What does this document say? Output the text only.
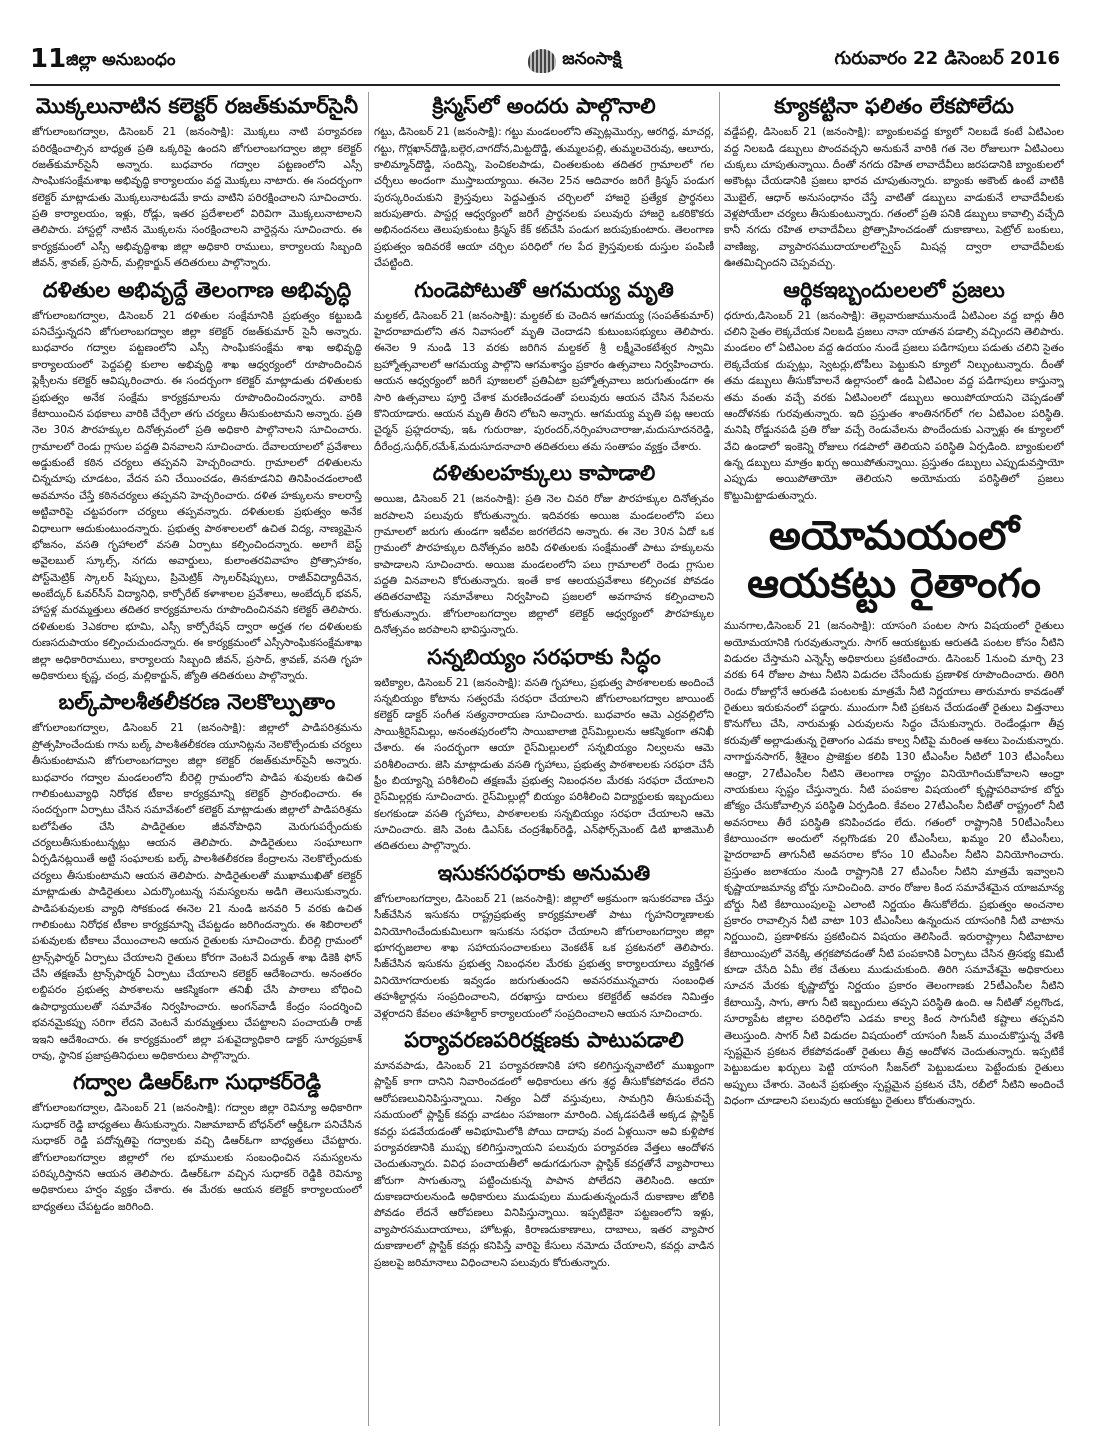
11 జిల్లా అనుబంధం	జనంసాక్షి	గురువారం 22 డిసెంబర్ 2016
మొక్కలునాటిన కలెక్టర్ రజత్‌కుమార్‌సైనీ

జోగులాంబగద్వాల, డిసెంబర్ 21 (జనంసాక్షి): మొక్కలు నాటి పర్యావరణ పరిరక్షించాల్సిన బాధ్యత ప్రతి ఒక్కరిపై ఉందని జోగులాంబగద్వాల జిల్లా కలెక్టర్ రజత్‌కుమార్‌సైనీ అన్నారు. బుధవారం గద్వాల పట్టణంలోని ఎస్సీ సాంఘికసంక్షేమశాఖ అభివృద్ధి కార్యాలయం వద్ద మొక్కలు నాటారు. ఈ సందర్బంగా కలెక్టర్ మాట్లాడుతు మొక్కలునాటడమే కాదు వాటిని పరిరక్షించాలని సూచించారు. ప్రతి కార్యాలయం, ఇళ్లు, రోడ్లు, ఇతర ప్రదేశాలలో విరివిగా మొక్కలునాటాలని తెలిపారు. హాస్టల్లో నాటిన మొక్కలను సంరక్షించాలని వార్డెన్లను సూచించారు. ఈ కార్యక్రమంలో ఎస్సీ అభివృద్ధిశాఖ జిల్లా అధికారి రాములు, కార్యాలయ సిబ్బంది జీవన్, శ్రావణ్, ప్రసాద్, మల్లికార్జున్ తదితరులు పాల్గొన్నారు.

దళితుల అభివృద్దే తెలంగాణ అభివృద్ధి

జోగులాంబగద్వాల, డిసెంబర్ 21 దళితుల సంక్షేమానికి ప్రభుత్వం కట్టుబడి పనిచేస్తున్నదని జోగులాంబగద్వాల జిల్లా కలెక్టర్ రజత్‌కుమార్ సైనీ అన్నారు. బుధవారం గద్వాల పట్టణంలోని ఎస్సీ సాంఘికసంక్షేమ శాఖ అభివృద్ధి కార్యాలయంలో పెద్దపల్లి కులాల అభివృద్ధి శాఖ ఆధ్వర్యంలో రూపొందించిన ఫ్లెక్సీలను కలెక్టర్ ఆవిష్కరించారు. ఈ సందర్బంగా కలెక్టర్ మాట్లాడుతు దళితులకు ప్రభుత్వం అనేక సంక్షేమ కార్యక్రమాలను రూపొందించిందన్నారు. వారికి కేటాయించిన పథకాలు వారికి చేర్చేలా తగు చర్యలు తీసుకుంటామని అన్నారు. ప్రతి నెల 30న పౌరహక్కుల దినోత్సవంలో ప్రతి అధికారి పాల్గొనాలని సూచించారు. గ్రామాలలో రెండు గ్లాసుల పద్దతి వినవాలని సూచించారు. దేవాలయాలలో ప్రవేశాలు అడ్డుకుంటే కఠిన చర్యలు తప్పవని హెచ్చరించారు. గ్రామాలలో దళితులను చిన్నచూపు చూడటం, వేదన పని చేయించడం, తినకూడనివి తినిపించడంలాంటి అవమానం చేస్తే కఠినచర్యలు తప్పవని హెచ్చరించారు. దళిత హక్కులను కాలరాస్తే అట్టివారిపై చట్టపరంగా చర్యలు తప్పవన్నారు. దళితులకు ప్రభుత్వం అనేక విధాలుగా ఆదుకుంటుందన్నారు. ప్రభుత్వ పాఠశాలలలో ఉచిత విద్య, నాణ్యమైన భోజనం, వసతి గృహాలలో వసతి ఏర్పాటు కల్పించిందన్నారు. అలాగే బెస్ట్ అవైలబుల్ స్కూల్స్, నగదు అవార్డులు, కులాంతరవివాహం ప్రోత్సాహకం, పోస్ట్‌మెట్రిక్ స్కాలర్ షిప్పులు, ప్రిమెట్రిక్ స్కాలర్‌షిప్పులు, రాజీవ్‌విద్యాదీవెన, అంబేద్కర్ ఓవర్‌సీస్ విద్యానిధి, కార్పోరేట్ కళాశాలల ప్రవేశాలు, అంబేద్కర్ భవన్, హాస్టళ్ల మరమ్మత్తులు తదితర కార్యక్రమాలను రూపొందించినవని కలెక్టర్ తెలిపారు. దళితులకు 3ఎకరాల భూమి, ఎస్సీ కార్పోరేషన్ ద్వారా అర్హత గల దళితులకు రుణసదుపాయం కల్పించుచుందన్నారు. ఈ కార్యక్రమంలో ఎస్సీసాంఘికసంక్షేమశాఖ జిల్లా అధికారిరాములు, కార్యాలయ సిబ్బంది జీవన్, ప్రసాద్, శ్రావణ్, వసతి గృహ అధికారులు కృష్ణ, చంద్ర, మల్లికార్జున్, జ్యోతి తదితరులు పాల్గొన్నారు.

బల్క్‌పాలశీతలీకరణ నెలకొల్పుతాం

జోగులాంబగద్వాల, డిసెంబర్ 21 (జనంసాక్షి): జిల్లాలో పాడిపరిశ్రమను ప్రోత్సహించేందుకు గాను బల్క్ పాలశీతలీకరణ యూనిట్లను నెలకొల్పేందుకు చర్యలు తీసుకుంటామని జోగులాంబగద్వాల జిల్లా కలెక్టర్ రజత్‌కుమార్‌సైనీ అన్నారు. బుధవారం గద్వాల మండలంలోని బీరెల్లి గ్రామంలోని పాడిప శువులకు ఉచిత గాలికుంటువ్యాధి నిరోధక టీకాల కార్యక్రమాన్ని కలెక్టర్ ప్రారంభించారు. ఈ సందర్బంగా ఏర్పాటు చేసిన సమావేశంలో కలెక్టర్ మాట్లాడుతు జిల్లాలో పాడిపరిశ్రమ బలోపేతం చేసి పాడిరైతుల జీవనోపాధిని మెరుగుపర్చేందుకు చర్యలుతీసుకుంటున్నట్లు ఆయన తెలిపారు. పాడిరైతులు సంఘాలుగా ఏర్పడినట్లయితే అట్టి సంఘాలకు బల్క్ పాలశీతలీకరణ కేంద్రాలను నెలకొల్పేందుకు చర్యలు తీసుకుంటామని ఆయన తెలిపారు. పాడిరైతులతో ముఖాముఖితో కలెక్టర్ మాట్లాడుతు పాడిరైతులు ఎదుర్కొంటున్న సమస్యలను అడిగి తెలుసుకున్నారు. పాడిపశువులకు వ్యాధి సోకకుండ ఈనెల 21 నుండి జనవరి 5 వరకు ఉచిత గాలికుంటు నిరోధక టీకాల కార్యక్రమాన్ని చేపట్టడం జరిగిందన్నారు. ఈ శిబిరాలలో పశువులకు టీకాలు వేయించాలని ఆయన రైతులకు సూచించారు. బీరెల్లి గ్రామంలో ట్రాన్స్‌ఫార్మర్ ఏర్పాటు చేయాలని రైతులు కోరగా వెంటనే విద్యుత్ శాఖ డికెకి ఫోన్ చేసి తక్షణమే ట్రాన్స్‌ఫార్మర్ ఏర్పాటు చేయాలని కలెక్టర్ ఆదేశించారు. అనంతరం లబ్దిపరం ప్రభుత్వ పాఠశాలను ఆకస్మికంగా తనిఖీ చేసి పాఠాలు బోధించి ఉపాధ్యాయులతో సమావేశం నిర్వహించారు. అంగన్‌వాడీ కేంద్రం సందర్శించి భవనమైకప్పు సరిగా లేదని వెంటనే మరమ్మత్తులు చేపట్టాలని పంచాయతీ రాజ్ ఇఇని ఆదేశించారు. ఈ కార్యక్రమంలో జిల్లా పశువైద్యాధికారి డాక్టర్ సూర్యప్రకాశ్ రావు, స్థానిక ప్రజాప్రతినిధులు అధికారులు పాల్గొన్నారు.

గద్వాల డిఆర్ఓగా సుధాకర్‌రెడ్డి

జోగులాంబగద్వాల, డిసెంబర్ 21 (జనంసాక్షి): గద్వాల జిల్లా రెవిన్యూ అధికారిగా సుధాకర్ రెడ్డి బాధ్యతలు తీసుకున్నారు. నిజామాబాద్ బోధన్‌లో ఆర్డీఓగా పనిచేసిన సుధాకర్ రెడ్డి పదోన్నతిపై గద్వాలకు వచ్చి డిఆర్ఓగా బాధ్యతలు చేపట్టారు. జోగులాంబగద్వాల జిల్లాలో గల భూములకు సంబంధించిన సమస్యలను పరిష్కరిస్తానని ఆయన తెలిపారు. డిఆర్ఓగా వచ్చిన సుధాకర్ రెడ్డికి రెవిన్యూ అధికారులు హర్షం వ్యక్తం చేశారు. ఈ మేరకు ఆయన కలెక్టర్ కార్యాలయంలో బాధ్యతలు చేపట్టడం జరిగింది.

క్రిస్మస్‌లో అందరు పాల్గొనాలి

గట్టు, డిసెంబర్ 21 (జనంసాక్షి): గట్టు మండలంలోని తప్పెట్లమొర్సు, ఆరగిద్ద, మాచర్ల, గట్టు, గొర్లఖాన్‌దొడ్డి,బల్గెర,చాగదోన,మిట్టదొడ్డి, తుమ్మలపల్లి, తుమ్మలచెరువు, ఆలూరు, కాలిమ్మాన్‌దొడ్డి, సందిన్ని, పెంచికలపాడు, చింతలకుంట తదితర గ్రామాలలో గల చర్చీలు అందంగా ముస్తాబయ్యాయి. ఈనెల 25న ఆదివారం జరిగే క్రిస్మస్ పండుగ పురస్కరించుకుని క్రైస్తవులు పెద్దఎత్తున చర్చిలలో హాజరై ప్రత్యేక ప్రార్థనలు జరుపుతారు. పాస్టర్ల ఆధ్వర్యంలో జరిగే ప్రార్థనలకు పలువురు హాజరై ఒకరికొకరు అభినందనలు తెలుపుకుంటు క్రిస్మస్ కేక్ కట్‌చేసి పండుగ జరుపుకుంటారు. తెలంగాణ ప్రభుత్వం ఇదివరకే ఆయా చర్చిల పరిధిలో గల పేద క్రైస్తవులకు దుస్తుల పంపిణీ చేపట్టింది.

గుండెపోటుతో ఆగమయ్య మృతి

మల్దకల్, డిసెంబర్ 21 (జనంసాక్షి): మల్దకల్ కు చెందిన ఆగమయ్య (సంపత్‌కుమార్) హైదరాబాదులోని తన నివాసంలో మృతి చెందాడని కుటుంబసభ్యులు తెలిపారు. ఈనెల 9 నుండి 13 వరకు జరిగిన మల్దకల్ శ్రీ లక్ష్మీవెంకటేశ్వర స్వామి బ్రహ్మోత్సవాలలో ఆగమయ్య పాల్గొని ఆగమశాస్త్రం ప్రకారం ఉత్సవాలు నిర్వహించారు. ఆయన ఆధ్వర్యంలో జరిగే పూజలలో ప్రతిఏటా బ్రహ్మోత్సవాలు జరుగుతుండగా ఈ సారి ఉత్సవాలు పూర్తి చేశాక మరణించడంతో పలువురు ఆయన చేసిన సేవలను కొనియాడారు. ఆయన మృతి తీరని లోటని అన్నారు. ఆగమయ్య మృతి పట్ల ఆలయ చైర్మన్ ప్రహ్లదరావు, ఇఓ గురురాజు, పురందర్,నర్సింహుచారాజు,మదుసూదనరెడ్డి, దీరేంద్ర,సుధీర్,రమేశ్,మదుసూదనాచారి తదితరులు తమ సంతాపం వ్యక్తం చేశారు.

దళితులహక్కులు కాపాడాలి

అయిజ, డిసెంబర్ 21 (జనంసాక్షి): ప్రతి నెల చివరి రోజు పౌరహక్కుల దినోత్సవం జరపాలని పలువురు కోరుతున్నారు. ఇదివరకు అయిజ మండలంలోని పలు గ్రామాలలో జరుగు తుండగా ఇటీవల జరగలేదని అన్నారు. ఈ నెల 30న ఏదో ఒక గ్రామంలో పౌరహక్కుల దినోత్సవం జరిపి దళితులకు సంక్షేమంతో పాటు హక్కులను కాపాడాలని సూచించారు. అయిజ మండలంలోని పలు గ్రామాలలో రెండు గ్లాసుల పద్దతి వినవాలని కోరుతున్నారు. ఇంతే కాక ఆలయప్రవేశాలు కల్పించక పోవడం తదితరవాటిపై సమావేశాలు నిర్వహించి ప్రజలలో అవగాహన కల్పించాలని కోరుతున్నారు. జోగులాంబగద్వాల జిల్లాలో కలెక్టర్ ఆధ్వర్యంలో పౌరహక్కుల దినోత్సవం జరపాలని భావిస్తున్నారు.

సన్నబియ్యం సరఫరాకు సిద్ధం

ఇటిక్యాల, డిసెంబర్ 21 (జనంసాక్షి): వసతి గృహాలు, ప్రభుత్వ పాఠశాలలకు అందించే సన్నబియ్యం కోటాను సత్వరమే సరఫరా చేయాలని జోగులాంబగద్వాల జాయింట్ కలెక్టర్ డాక్టర్ సంగీత సత్యనారాయణ సూచించారు. బుధవారం ఆమె ఎర్రవల్లిలోని సాయిశ్రీరైస్‌మిల్లు, అనంతపురంలోని సాయిబాలాజి రైస్‌మిల్లులను ఆకస్మికంగా తనిఖీ చేశారు. ఈ సందర్భంగా ఆయా రైస్‌మిల్లులలో సన్నబియ్యం నిల్వలను ఆమె పరిశీలించారు. జెసి మాట్లాడుతు వసతి గృహాలు, ప్రభుత్వ పాఠశాలలకు సరఫరా చేసే ఫ్రీం బియ్యాన్ని పరిశీలించి తక్షణమే ప్రభుత్వ నిబంధనల మేరకు సరఫరా చేయాలని రైస్‌మిల్లర్లకు సూచించారు. రైస్‌మిల్లుల్లో బియ్యం పరిశీలించి విద్యార్థులకు ఇబ్బందులు కలగకుండా వసతి గృహాలు, పాఠశాలలకు సన్నబియ్యం సరఫరా చేయాలని ఆమె సూచించారు. జెసి వెంట డిఎస్ఓ చంద్రశేఖర్‌రెడ్డి, ఎన్‌ఫోర్స్‌మెంట్ డిటి ఖాజిమొలీ తదితరులు పాల్గొన్నారు.

ఇసుకసరఫరాకు అనుమతి

జోగులాంబగద్వాల, డిసెంబర్ 21 (జనంసాక్షి): జిల్లాలో అక్రమంగా ఇసుకరవాణ చేస్తు సీజ్‌చేసిన ఇసుకను రాష్ట్రప్రభుత్వ కార్యక్రమాలతో పాటు గృహనిర్మాణాలకు వినియోగించేందుకుమిలుగా ఇసుకను సరఫరా చేయాలని జోగులాంబగద్వాల జిల్లా భూగర్భజలాల శాఖ సహాయసంచాలకులు వెంకటేశ్ ఒక ప్రకటనలో తెలిపారు. సీజ్‌చేసిన ఇసుకను ప్రభుత్వ నిబంధనల మేరకు ప్రభుత్వ కార్యాలయాలు వ్యక్తిగత వినియోగదారులకు ఇవ్వడం జరుగుతుందని అవసరమున్నవారు సంబంధిత తహశీల్దార్లను సంప్రదించాలని, దరఖాస్తు దారులు కలెక్టరేట్ ఆవరణ నిమిత్తం వెళ్లరాదని కేవలం తహశీల్దార్ కార్యాలయంలో సంప్రదించాలని ఆయన సూచించారు.

పర్యావరణపరిరక్షణకు పాటుపడాలి

మానవపాడు, డిసెంబర్ 21 పర్యావరణానికి హాని కలిగిస్తున్నవాటిలో ముఖ్యంగా ప్లాస్టిక్ కాగా దానిని నివారించడంలో అధికారులు తగు శ్రద్ధ తీసుకోకపోవడం లేదని ఆరోపణలువినిపిస్తున్నాయి. నిత్యం ఏదో వస్తువులు, సామగ్రిని తీసుకువచ్చే సమయంలో ప్లాస్టిక్ కవర్లు వాడటం సహజంగా మారింది. ఎక్కడపడితే అక్కడ ప్లాస్టిక్ కవర్లు పడవేయడంతో అవిభూమిలోకి పోయి దాదాపు వంద ఏళ్లయినా అవి కుళ్లిపోక పర్యావరణానికి ముప్పు కలిగిస్తున్నాయని పలువురు పర్యావరణ వేత్తలు ఆందోళన చెందుతున్నారు. వివిధ పంచాయతీలో అడుగడుగునా ప్లాస్టిక్ కవర్లతోనే వ్యాపారాలు జోరుగా సాగుతున్నా పట్టించుకున్న పాపాన పోలేదని తెలిసింది. ఆయా దుకాణదారులనుండి అధికారులు ముడుపులు ముడుతున్నందునే దుకాణాల జోలికి పోవడం లేదనే ఆరోపణలు వినిపిస్తున్నాయి. ఇప్పటికైనా పట్టణంలోని ఇళ్లు, వ్యాపారసముదాయాలు, హోటళ్లు, కిరాణదుకాణాలు, దాబాలు, ఇతర వ్యాపార దుకాణాలలో ప్లాస్టిక్ కవర్లు కనిపిస్తే వారిపై కేసులు నమోదు చేయాలని, కవర్లు వాడిన ప్రజలపై జరిమానాలు విధించాలని పలువురు కోరుతున్నారు.

క్యూకట్టినా ఫలితం లేకపోలేదు

వడ్డేపల్లి, డిసెంబర్ 21 (జనంసాక్షి): బ్యాంకులవద్ద క్యూలో నిలబడే కంటే ఏటిఎంల వద్ద నిలబడి డబ్బులు పొందవచ్చని అనుకునే వారికి గత నెల రోజులుగా ఏటిఎంలు చుక్కలు చూపుతున్నాయి. దీంతో నగదు రహిత లావాదేవీలు జరపడానికి బ్యాంకులలో అకౌంట్లు చేయడానికి ప్రజలు భారవ చూపుతున్నారు. బ్యాంకు అకౌంట్ ఉంటే వాటికి మొబైల్, ఆధార్ అనుసంధానం చేస్తే వాటితో డబ్బులు వాడుకునే లావాదేవీలకు వెళ్లపోయేలా చర్యలు తీసుకుంటున్నారు. గతంలో ప్రతి పనికి డబ్బులు కావాల్సి వచ్చేది కానీ నగదు రహిత లావాదేవీలు ప్రోత్సాహించడంతో దుకాణాలు, పెట్రోల్ బంకులు, వాణిజ్య, వ్యాపారసముదాయాలలోస్వైప్ మిషన్ల ద్వారా లావాదేవీలకు ఊతమిచ్చిందని చెప్పవచ్చు.

ఆర్థికఇబ్బందులలలో ప్రజలు

ధరూరు,డిసెంబర్ 21 (జనంసాక్షి): తెల్లవారుజామునుండే ఏటిఎంల వద్ద బార్లు తీరి చలిని సైతం లెక్కచేయక నిలబడి ప్రజలు నానా యాతన పడాల్సి వచ్చిందని తెలిపారు. మండలం లో ఏటిఎంల వద్ద ఉదయం నుండే ప్రజలు పడిగాపులు పడుతు చలిని సైతం లెక్కచేయక దుప్పట్లు, స్వెటర్లు,టోపీలు పెట్టుకుని క్యూలో నిల్చుంటున్నారు. దీంతో తమ డబ్బులు తీసుకోవాలనే ఉల్లాసంలో ఉండి ఏటిఎంల వద్ద పడిగాపులు కాస్తున్నా తమ వంతు వచ్చే వరకు ఏటిఎంలలో డబ్బులు అయిపోయాయని చెప్పడంతో ఆందోళనకు గురవుతున్నారు. ఇది ప్రస్తుతం శాంతినగర్‌లో గల ఏటిఎంల పరిస్థితి. మనిషి రోడ్డునపడి ప్రతి రోజు వచ్చే రెండువేలను పొందేందుకు ఎన్నాళ్లు ఈ క్యూలలో వేచి ఉండాలో ఇంకెన్ని రోజులు గడపాలో తెలియని పరిస్థితి ఏర్పడింది. బ్యాంకులలో ఉన్న డబ్బులు మాత్రం ఖర్చు అయిపోతున్నాయి. ప్రస్తుతం డబ్బులు ఎప్పుడువస్తాయో ఎప్పుడు అయిపోతాయో తెలియని అయోమయ పరిస్థితిలో ప్రజలు కొట్టుమిట్టాడుతున్నారు.

అయోమయంలో ఆయకట్టు రైతాంగం

మునగాల,డిసెంబర్ 21 (జనంసాక్షి): యాసంగి పంటల సాగు విషయంలో రైతులు అయోమయానికి గురవుతున్నారు. సాగర్ ఆయకట్టుకు ఆరుతడి పంటల కోసం నీటిని విడుదల చేస్తామని ఎన్నెస్పీ అధికారులు ప్రకటించారు. డిసెంబర్ 1నుంచి మార్చి 23 వరకు 64 రోజుల పాటు నీటిని విడుదల చేసేందుకు ప్రణాళిక రూపొందించారు. తిరిగి రెండు రోజుల్లోనే ఆరుతడి పంటలకు మాత్రమే నీటి నిర్ణయాలు తారుమారు కావడంతో రైతులు ఇరుకునంలో పడ్డారు. ముందుగా నీటి ప్రకటన చేయడంతో రైతులు విత్తనాలు కొనుగోలు చేసి, నారుమళ్లు ఎరువులను సిద్ధం చేసుకున్నారు. రెండేండ్లుగా తీవ్ర కరువుతో అల్లాడుతున్న రైతాంగం ఎడమ కాల్వ నీటిపై మరింత ఆశలు పెంచుకున్నారు. నాగార్జునసాగర్, శ్రీశైలం ప్రాజెక్టుల కలిపి 130 టీఎంసీల నీటిలో 103 టీఎంసీలు ఆంధ్రా, 27టీఎంసీల నీటిని తెలంగాణ రాష్ట్రం వినియోగించుకోవాలని ఆంధ్రా నాయకులు స్పష్టం చేస్తున్నారు. నీటి పంపకాల విషయంలో కృష్ణాపరివాహక బోర్డు జోక్యం చేసుకోవాల్సిన పరిస్థితి ఏర్పడింది. కేవలం 27టీఎంసీల నీటితో రాష్ట్రంలో నీటి అవసరాలు తీరే పరిస్థితి కనిపించడం లేదు. గతంలో రాష్ట్రానికి 50టీఎంసీలు కేటాయించగా అందులో నల్లగొండకు 20 టీఎంసీలు, ఖమ్మం 20 టీఎంసీలు, హైదరాబాద్ తాగునీటి అవసరాల కోసం 10 టీఎంసీల నీటిని వినియోగించారు. ప్రస్తుతం జలాశయం నుండి రాష్ట్రానికి 27 టీఎంసీల నీటిని మాత్రమే ఇవ్వాలని కృష్ణాయాజమాన్య బోర్డు సూచించింది. వారం రోజుల కింద సమావేశమైన యాజమాన్య బోర్డు నీటి కేటాయింపులపై ఎలాంటి నిర్ణయం తీసుకోలేదు. ప్రభుత్వం అంచనాల ప్రకారం రావాల్సిన నీటి వాటా 103 టీఎంసీలు ఉన్నందున యాసంగికి నీటి వాటాను నిర్ణయించి, ప్రణాళికను ప్రకటించిన విషయం తెలిసిందే. ఇరురాష్ట్రాలు నీటివాటాల కేటాయింపులో వెనక్కి తగ్గకపోవడంతో నీటి పంపకానికి ఏర్పాటు చేసిన త్రిసభ్య కమిటీ కూడా చేసేది ఏమీ లేక చేతులు ముడుచుకుంది. తిరిగి సమావేశమై అధికారులు సూచన మేరకు కృష్ణాబోర్డు నిర్ణయం ప్రకారం తెలంగాణకు 25టీఎంసీల నీటిని కేటాయిస్తే, సాగు, తాగు నీటి ఇబ్బందులు తప్పని పరిస్థితి ఉంది. ఆ నీటితో నల్లగొండ, సూర్యాపేట జిల్లాల పరిధిలోని ఎడమ కాల్వ కింద సాగునీటి కష్టాలు తప్పవని తెలుస్తుంది. సాగర్ నీటి విడుదల విషయంలో యాసంగి సీజన్ ముంచుకొస్తున్న వేళకి స్పష్టమైన ప్రకటన లేకపోవడంతో రైతులు తీవ్ర ఆందోళన చెందుతున్నారు. ఇప్పటికే పెట్టుబడుల ఖర్చులు పెట్టి యాసంగి సీజన్‌లో పెట్టుబడులు పెట్టేందుకు రైతులు అప్పులు చేశారు. వెంటనే ప్రభుత్వం స్పష్టమైన ప్రకటన చేసి, రబీలో నీటిని అందించే విధంగా చూడాలని పలువురు ఆయకట్టు రైతులు కోరుతున్నారు.
